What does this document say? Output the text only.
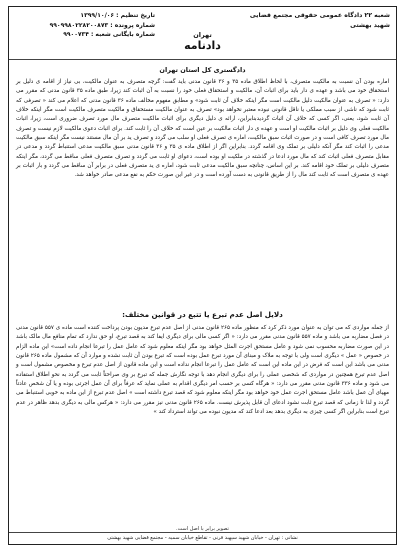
شعبه ۲۲ دادگاه عمومی حقوقی مجتمع قضایی شهید بهشتی
تهران
دادنامه
تاریخ تنظیم : ۱۳۹۹/۱۰/۰۶
شماره پرونده : ۹۹۰۹۹۸۰۲۲۸۲۰۰۸۷۳
شماره بایگانی شعبه : ۹۹۰۰۷۳۴
دادگستری کل استان تهران
اماره بودن آن نسبت به مالکیت متصرف، با لحاظ اطلاق ماده ۳۵ و ۳۶ قانون مدنی باید گفت: گرچه متصرف به عنوان مالکیت، بی نیاز از اقامه ی دلیل بر استحقاق خود می باشد و عهده ی دار باید برای اثبات آن، مالکیت و استحقاق فعلی خود را نسبت به آن اثبات کند زیرا، طبق ماده ۳۵ قانون مدنی که مقرر می دارد: « تصرف به عنوان مالکیت دلیل مالکیت است مگر اینکه خلاف آن ثابت شود» و مطابق مفهوم مخالف ماده ۳۶ قانون مدنی که اعلام می کند « تصرفی که ثابت شود که ناشی از سبب مملکی یا ناقل قانونی نبوده معتبر نخواهد بود» تصرف به عنوان مالکیت مستحقاق و مالکیت متصرف مالکیت است مگر اینکه خلاف آن ثابت شود، یعنی، اگر کسی که خلاف آن اثبات گردیدبنابراین، ارائه ی دلیل دیگری برای اثبات مالکیت متصرف مال مورد تصرف ضروری است، زیرا، اثبات مالکیت فعلی وی دلیل بر اثبات مالکیت او است و عهده ی دار اثبات مالکیت بر عین است که خلاف آن را ثابت کند. برای اثبات دعوی مالکیت لازم نیست و تصرف مال مورد تصرف کافی است و در صورت اثبات سبق مالکیت، اماره ی تصرف فعلی او سلب می گردد و تصرف ید بر آن مال مستند نیست مگر اینکه سبق مالکیت مدعی را اثبات کند مگر آنکه دلیلی بر تملک وی اقامه گردد. بنابراین اگر از اطلاق ماده ی ۳۵ و ۳۶ قانون مدنی سبق مالکیت مدعی استنباط گردد و مدعی در مقابل متصرف فعلی اثبات کند که مال مورد ادعا در گذشته در ملکیت او بوده است، دعوای او ثابت می گردد و تصرف متصرف فعلی ساقط می گردد، مگر اینکه متصرف دلیلی بر تملک خود اقامه کند. بر این اساس، چنانچه سبق مالکیت مدعی ثابت شود، اماره ی ید متصرف فعلی در برابر آن ساقط می گردد و بار اثبات بر عهده ی متصرف است که ثابت کند مال را از طریق قانونی به دست آورده است و در غیر این صورت حکم به نفع مدعی صادر خواهد شد.
دلایل اصل عدم تبرع یا تتبع در قوانین مختلف:
از جمله مواردی که می توان به عنوان مورد ذکر کرد که منظور ماده ۲۶۵ قانون مدنی از اصل عدم تبرع مدیون بودن پرداخت کننده است ماده ی ۵۵۷ قانون مدنی در فصل مضاربه می باشد و ماده ۵۵۷ قانون مدنی مقرر می دارد: « اگر کسی مالی برای دیگری ایفا کند به قصد تبرع، او حق ندارد که تمام منافع مال مالک باشد در این صورت مضاربه محسوب نمی شود و عامل مستحق اجرت المثل خواهد بود مگر اینکه معلوم شود که عامل عمل را تبرعا انجام داده است» این ماده الزام در خصوص « عمل » دیگری است ولی با توجه به ملاک و مبنای آن مورد تبرع عمل بوده است که تبرع بودن آن ثابت نشده و موارد آن که مشمول ماده ۲۶۵ قانون مدنی می باشد این است که فرض در این ماده این است که عامل عمل را تبرعا انجام نداده است و این ماده قانون از اصل عدم تبرع و مخصوص مشمول است و اصل عدم تبرع همچنین در مواردی که شخصی عملی را برای دیگری انجام دهد با توجه نگارش جمله که تبرع بر وی صراحتاً ثابت می گردد به نحو اطلاق استفاده می شود و ماده ۳۳۶ قانون مدنی مقرر می دارد: « هرگاه کسی بر حسب امر دیگری اقدام به عملی نماید که عرفاً برای آن عمل اجرتی بوده و یا آن شخص عادتاً مهیای آن عمل باشد عامل مستحق اجرت عمل خود خواهد بود مگر اینکه معلوم شود که قصد تبرع داشته است » اصل عدم تبرع از این ماده به خوبی استنباط می گردد و لذا تا زمانی که قصد تبرع ثابت نشود ادعای آن قابل پذیرش نیست. ماده ۲۶۵ قانون مدنی نیز مقرر می دارد: « هرکس مالی به دیگری بدهد ظاهر در عدم تبرع است بنابراین اگر کسی چیزی به دیگری بدهد بعد ادعا کند که مدیون نبوده می تواند استرداد کند »
تصویر برابر با اصل است.
نشانی : تهران - خیابان شهید سپهبد قرنی - تقاطع خیابان سمیه - مجتمع قضایی شهید بهشتی
